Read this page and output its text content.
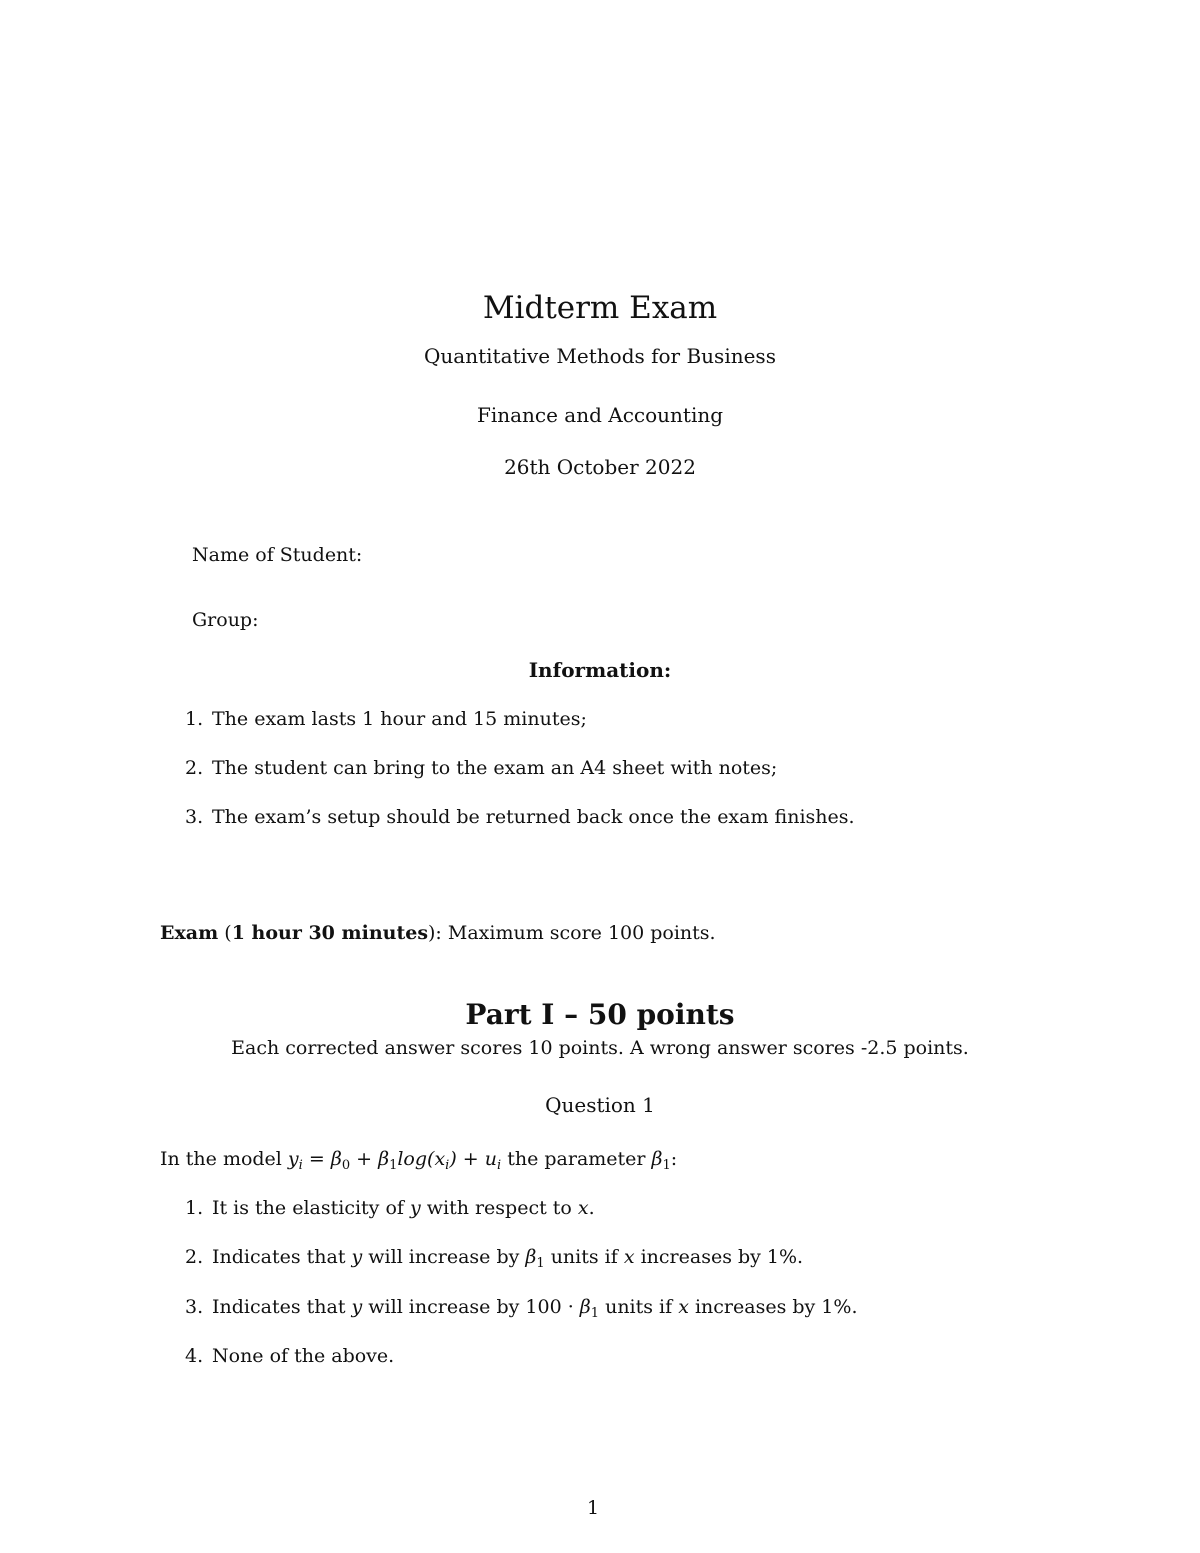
Midterm Exam
Quantitative Methods for Business
Finance and Accounting
26th October 2022
Name of Student:
Group:
Information:
1. The exam lasts 1 hour and 15 minutes;
2. The student can bring to the exam an A4 sheet with notes;
3. The exam’s setup should be returned back once the exam finishes.
Exam (1 hour 30 minutes): Maximum score 100 points.
Part I – 50 points
Each corrected answer scores 10 points. A wrong answer scores -2.5 points.
Question 1
In the model $y_i = \beta_0 + \beta_1\log(x_i) + u_i$ the parameter $\beta_1$:
1. It is the elasticity of y with respect to x.
2. Indicates that y will increase by $\beta_1$ units if x increases by 1%.
3. Indicates that y will increase by $100 \cdot \beta_1$ units if x increases by 1%.
4. None of the above.
1
